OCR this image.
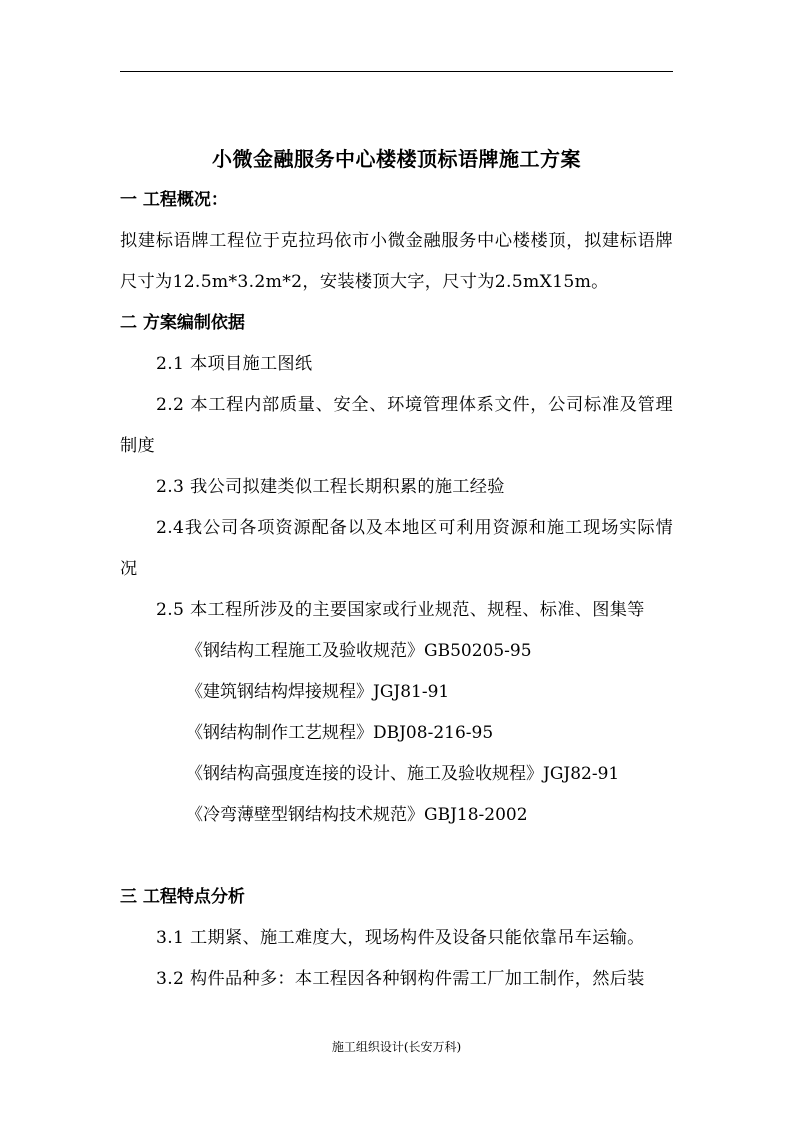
小微金融服务中心楼楼顶标语牌施工方案

一 工程概况：

拟建标语牌工程位于克拉玛依市小微金融服务中心楼楼顶，拟建标语牌尺寸为12.5m*3.2m*2，安装楼顶大字，尺寸为2.5mX15m。

二 方案编制依据

2.1 本项目施工图纸

2.2 本工程内部质量、安全、环境管理体系文件，公司标准及管理制度

2.3 我公司拟建类似工程长期积累的施工经验

2.4我公司各项资源配备以及本地区可利用资源和施工现场实际情况

2.5 本工程所涉及的主要国家或行业规范、规程、标准、图集等

《钢结构工程施工及验收规范》GB50205-95

《建筑钢结构焊接规程》JGJ81-91

《钢结构制作工艺规程》DBJ08-216-95

《钢结构高强度连接的设计、施工及验收规程》JGJ82-91

《冷弯薄壁型钢结构技术规范》GBJ18-2002

三 工程特点分析

3.1 工期紧、施工难度大，现场构件及设备只能依靠吊车运输。

3.2 构件品种多：本工程因各种钢构件需工厂加工制作，然后装

施工组织设计(长安万科)
